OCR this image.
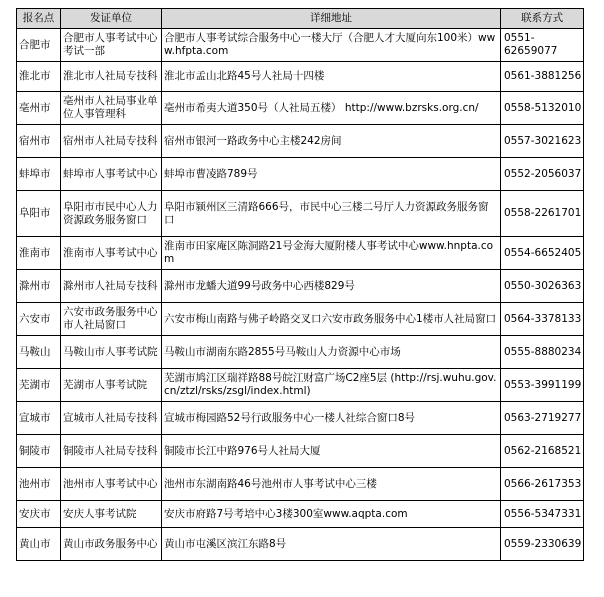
报名点	发证单位	详细地址	联系方式
合肥市	合肥市人事考试中心考试一部	合肥市人事考试综合服务中心一楼大厅（合肥人才大厦向东100米）www.hfpta.com	0551-62659077
淮北市	淮北市人社局专技科	淮北市孟山北路45号人社局十四楼	0561-3881256
亳州市	亳州市人社局事业单位人事管理科	亳州市希夷大道350号（人社局五楼） http://www.bzrsks.org.cn/	0558-5132010
宿州市	宿州市人社局专技科	宿州市银河一路政务中心主楼242房间	0557-3021623
蚌埠市	蚌埠市人事考试中心	蚌埠市曹凌路789号	0552-2056037
阜阳市	阜阳市市民中心人力资源政务服务窗口	阜阳市颍州区三清路666号，市民中心三楼二号厅人力资源政务服务窗口	0558-2261701
淮南市	淮南市人事考试中心	淮南市田家庵区陈洞路21号金海大厦附楼人事考试中心www.hnpta.com	0554-6652405
滁州市	滁州市人社局专技科	滁州市龙蟠大道99号政务中心西楼829号	0550-3026363
六安市	六安市政务服务中心市人社局窗口	六安市梅山南路与佛子岭路交叉口六安市政务服务中心1楼市人社局窗口	0564-3378133
马鞍山	马鞍山市人事考试院	马鞍山市湖南东路2855号马鞍山人力资源中心市场	0555-8880234
芜湖市	芜湖市人事考试院	芜湖市鸠江区瑞祥路88号皖江财富广场C2座5层 (http://rsj.wuhu.gov.cn/ztzl/rsks/zsgl/index.html)	0553-3991199
宣城市	宣城市人社局专技科	宣城市梅园路52号行政服务中心一楼人社综合窗口8号	0563-2719277
铜陵市	铜陵市人社局专技科	铜陵市长江中路976号人社局大厦	0562-2168521
池州市	池州市人事考试中心	池州市东湖南路46号池州市人事考试中心三楼	0566-2617353
安庆市	安庆人事考试院	安庆市府路7号考培中心3楼300室www.aqpta.com	0556-5347331
黄山市	黄山市政务服务中心	黄山市屯溪区滨江东路8号	0559-2330639
